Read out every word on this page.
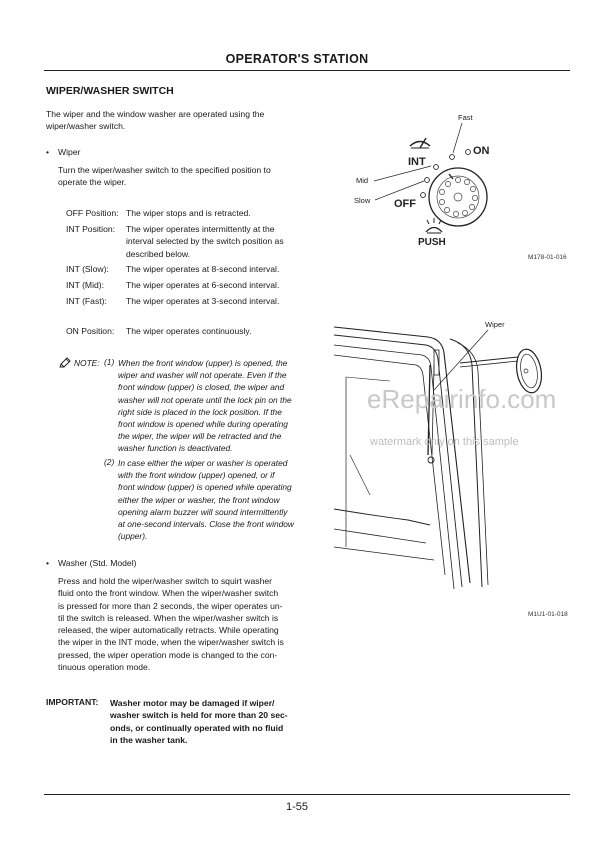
OPERATOR'S STATION
WIPER/WASHER SWITCH
The wiper and the window washer are operated using the
wiper/washer switch.
• Wiper
Turn the wiper/washer switch to the specified position to
operate the wiper.
OFF Position: The wiper stops and is retracted.
INT Position:	The wiper operates intermittently at the
interval selected by the switch position as
described below.
INT (Slow):	The wiper operates at 8-second interval.
INT (Mid):	The wiper operates at 6-second interval.
INT (Fast):	The wiper operates at 3-second interval.
ON Position:	The wiper operates continuously.
NOTE: (1) When the front window (upper) is opened, the
wiper and washer will not operate. Even if the
front window (upper) is closed, the wiper and
washer will not operate until the lock pin on the
right side is placed in the lock position. If the
front window is opened while during operating
the wiper, the wiper will be retracted and the
washer function is deactivated.
(2) In case either the wiper or washer is operated
with the front window (upper) opened, or if
front window (upper) is opened while operating
either the wiper or washer, the front window
opening alarm buzzer will sound intermittently
at one-second intervals. Close the front window
(upper).
• Washer (Std. Model)
Press and hold the wiper/washer switch to squirt washer
fluid onto the front window. When the wiper/washer switch
is pressed for more than 2 seconds, the wiper operates un-
til the switch is released. When the wiper/washer switch is
released, the wiper automatically retracts. While operating
the wiper in the INT mode, when the wiper/washer switch is
pressed, the wiper operation mode is changed to the con-
tinuous operation mode.
IMPORTANT: Washer motor may be damaged if wiper/
washer switch is held for more than 20 sec-
onds, or continually operated with no fluid
in the washer tank.
Fast
INT
ON
Mid
Slow OFF
PUSH
M178-01-016
Wiper
M1U1-01-018
eRepairinfo.com
watermark only on this sample
1-55
